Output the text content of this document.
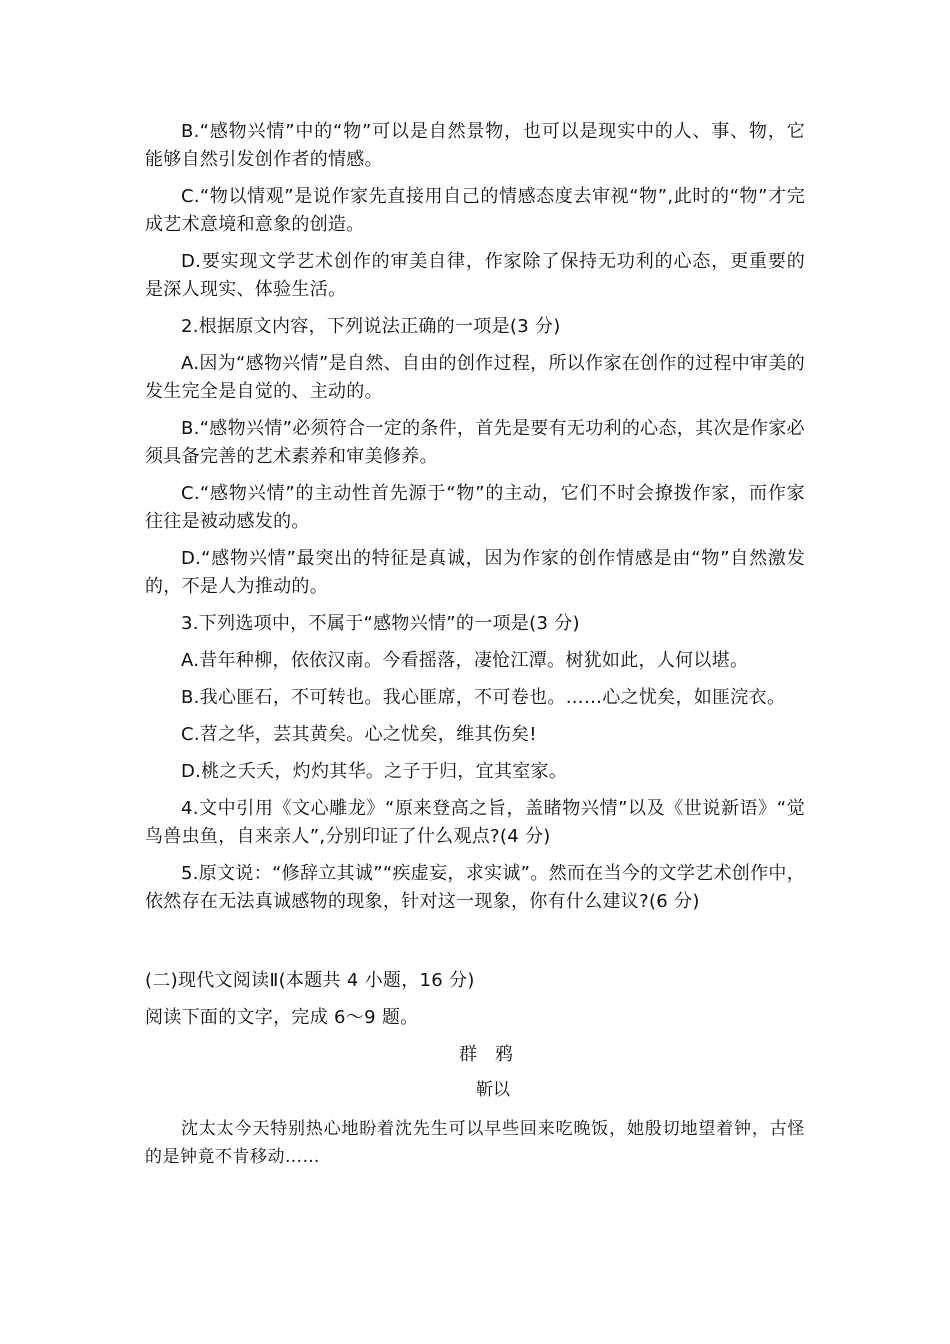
B.“感物兴情”中的“物”可以是自然景物，也可以是现实中的人、事、物，它能够自然引发创作者的情感。

C.“物以情观”是说作家先直接用自己的情感态度去审视“物”,此时的“物”才完成艺术意境和意象的创造。

D.要实现文学艺术创作的审美自律，作家除了保持无功利的心态，更重要的是深人现实、体验生活。

2.根据原文内容，下列说法正确的一项是(3 分)

A.因为“感物兴情”是自然、自由的创作过程，所以作家在创作的过程中审美的发生完全是自觉的、主动的。

B.“感物兴情”必须符合一定的条件，首先是要有无功利的心态，其次是作家必须具备完善的艺术素养和审美修养。

C.“感物兴情”的主动性首先源于“物”的主动，它们不时会撩拨作家，而作家往往是被动感发的。

D.“感物兴情”最突出的特征是真诚，因为作家的创作情感是由“物”自然激发的，不是人为推动的。

3.下列选项中，不属于“感物兴情”的一项是(3 分)

A.昔年种柳，依依汉南。今看摇落，凄怆江潭。树犹如此，人何以堪。

B.我心匪石，不可转也。我心匪席，不可卷也。……心之忧矣，如匪浣衣。

C.苕之华，芸其黄矣。心之忧矣，维其伤矣!

D.桃之夭夭，灼灼其华。之子于归，宜其室家。

4.文中引用《文心雕龙》“原来登高之旨，盖睹物兴情”以及《世说新语》“觉鸟兽虫鱼，自来亲人”,分别印证了什么观点?(4 分)

5.原文说：“修辞立其诚”“疾虚妄，求实诚”。然而在当今的文学艺术创作中，依然存在无法真诚感物的现象，针对这一现象，你有什么建议?(6 分)

(二)现代文阅读Ⅱ(本题共 4 小题，16 分)

阅读下面的文字，完成 6～9 题。

群鸦
靳以

沈太太今天特别热心地盼着沈先生可以早些回来吃晚饭，她殷切地望着钟，古怪的是钟竟不肯移动……
